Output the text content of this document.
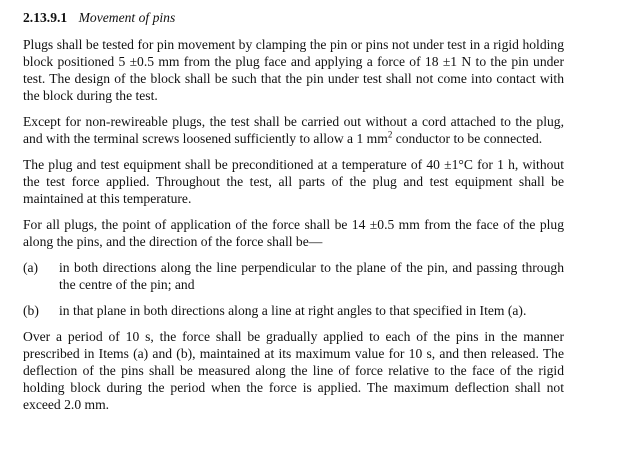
2.13.9.1 Movement of pins

Plugs shall be tested for pin movement by clamping the pin or pins not under test in a rigid holding block positioned 5 ±0.5 mm from the plug face and applying a force of 18 ±1 N to the pin under test. The design of the block shall be such that the pin under test shall not come into contact with the block during the test.

Except for non-rewireable plugs, the test shall be carried out without a cord attached to the plug, and with the terminal screws loosened sufficiently to allow a 1 $mm^2$ conductor to be connected.

The plug and test equipment shall be preconditioned at a temperature of 40 ±1°C for 1 h, without the test force applied. Throughout the test, all parts of the plug and test equipment shall be maintained at this temperature.

For all plugs, the point of application of the force shall be 14 ±0.5 mm from the face of the plug along the pins, and the direction of the force shall be—

(a)	in both directions along the line perpendicular to the plane of the pin, and passing through the centre of the pin; and
(b)	in that plane in both directions along a line at right angles to that specified in Item (a).

Over a period of 10 s, the force shall be gradually applied to each of the pins in the manner prescribed in Items (a) and (b), maintained at its maximum value for 10 s, and then released. The deflection of the pins shall be measured along the line of force relative to the face of the rigid holding block during the period when the force is applied. The maximum deflection shall not exceed 2.0 mm.
